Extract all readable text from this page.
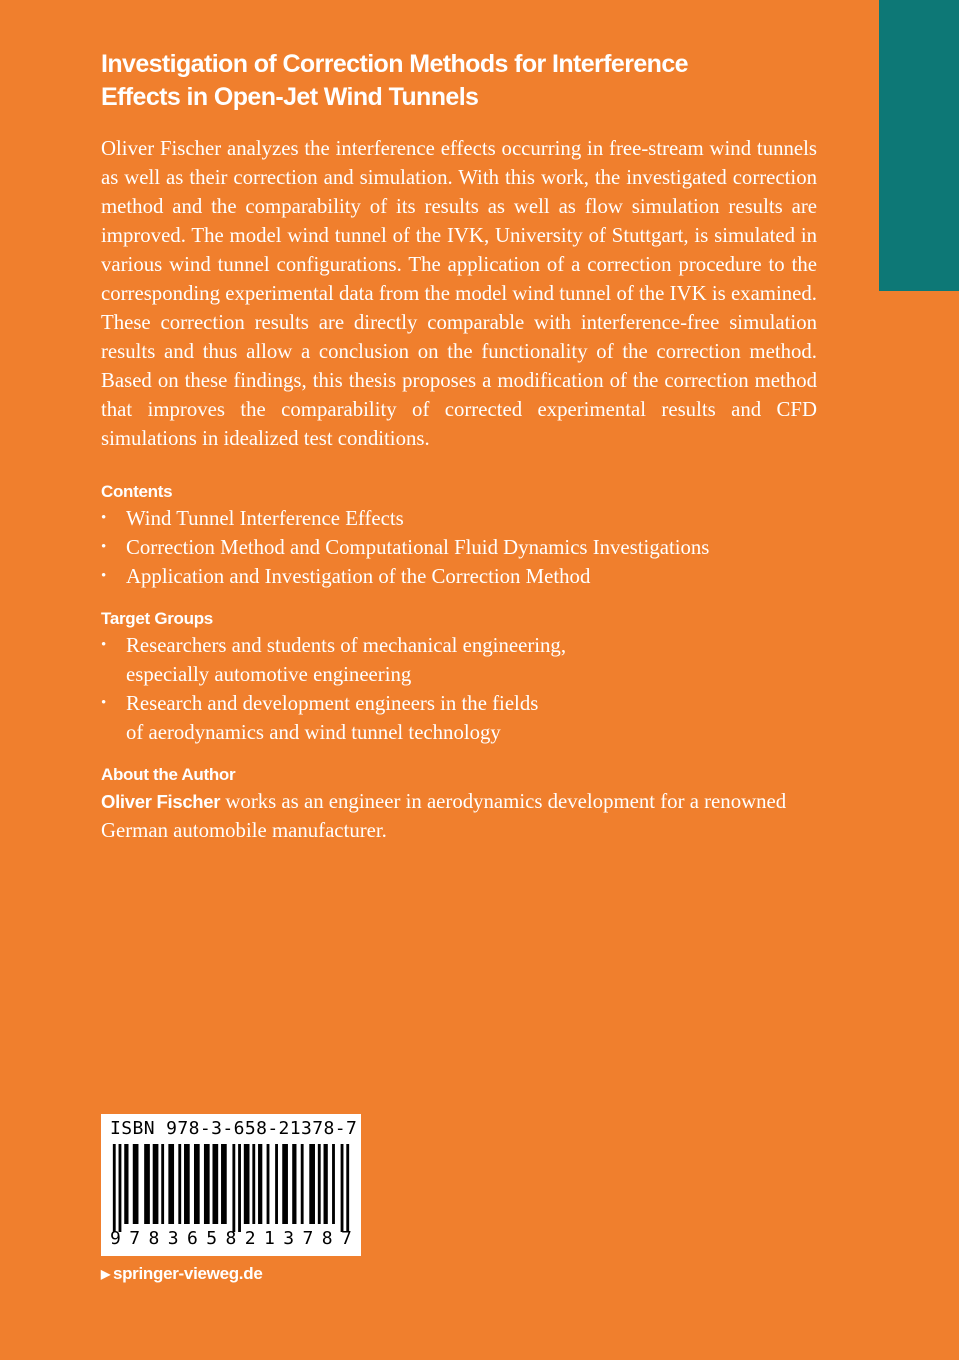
Investigation of Correction Methods for Interference
Effects in Open-Jet Wind Tunnels

Oliver Fischer analyzes the interference effects occurring in free-stream wind tunnels as well as their correction and simulation. With this work, the investigated correction method and the comparability of its results as well as flow simulation results are improved. The model wind tunnel of the IVK, University of Stuttgart, is simulated in various wind tunnel configurations. The application of a correction procedure to the corresponding experimental data from the model wind tunnel of the IVK is examined. These correction results are directly comparable with interference-free simulation results and thus allow a conclusion on the functionality of the correction method. Based on these findings, this thesis proposes a modification of the correction method that improves the comparability of corrected experimental results and CFD simulations in idealized test conditions.

Contents
• Wind Tunnel Interference Effects
• Correction Method and Computational Fluid Dynamics Investigations
• Application and Investigation of the Correction Method
Target Groups
• Researchers and students of mechanical engineering,
especially automotive engineering
• Research and development engineers in the fields
of aerodynamics and wind tunnel technology
About the Author

Oliver Fischer works as an engineer in aerodynamics development for a renowned German automobile manufacturer.

ISBN 978-3-658-21378-7

9 7 8 3 6 5 8 2 1 3 7 8 7
▶ springer-vieweg.de
